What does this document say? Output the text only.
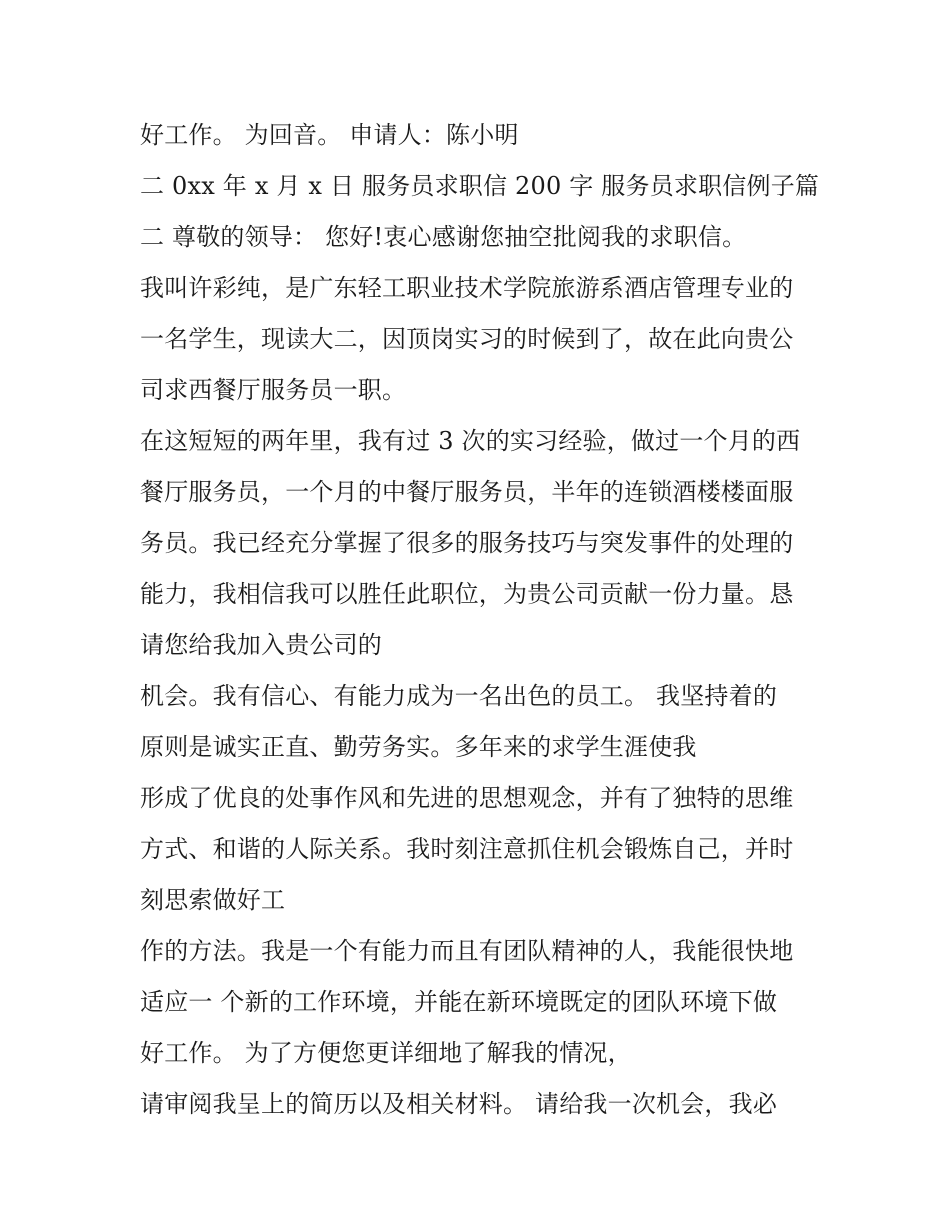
好工作。 为回音。 申请人：陈小明
二 0xx 年 x 月 x 日 服务员求职信 200 字 服务员求职信例子篇
二 尊敬的领导： 您好!衷心感谢您抽空批阅我的求职信。
我叫许彩纯，是广东轻工职业技术学院旅游系酒店管理专业的
一名学生，现读大二，因顶岗实习的时候到了，故在此向贵公
司求西餐厅服务员一职。
在这短短的两年里，我有过 3 次的实习经验，做过一个月的西
餐厅服务员，一个月的中餐厅服务员，半年的连锁酒楼楼面服
务员。我已经充分掌握了很多的服务技巧与突发事件的处理的
能力，我相信我可以胜任此职位，为贵公司贡献一份力量。恳
请您给我加入贵公司的
机会。我有信心、有能力成为一名出色的员工。 我坚持着的
原则是诚实正直、勤劳务实。多年来的求学生涯使我
形成了优良的处事作风和先进的思想观念，并有了独特的思维
方式、和谐的人际关系。我时刻注意抓住机会锻炼自己，并时
刻思索做好工
作的方法。我是一个有能力而且有团队精神的人，我能很快地
适应一 个新的工作环境，并能在新环境既定的团队环境下做
好工作。 为了方便您更详细地了解我的情况，
请审阅我呈上的简历以及相关材料。 请给我一次机会，我必
